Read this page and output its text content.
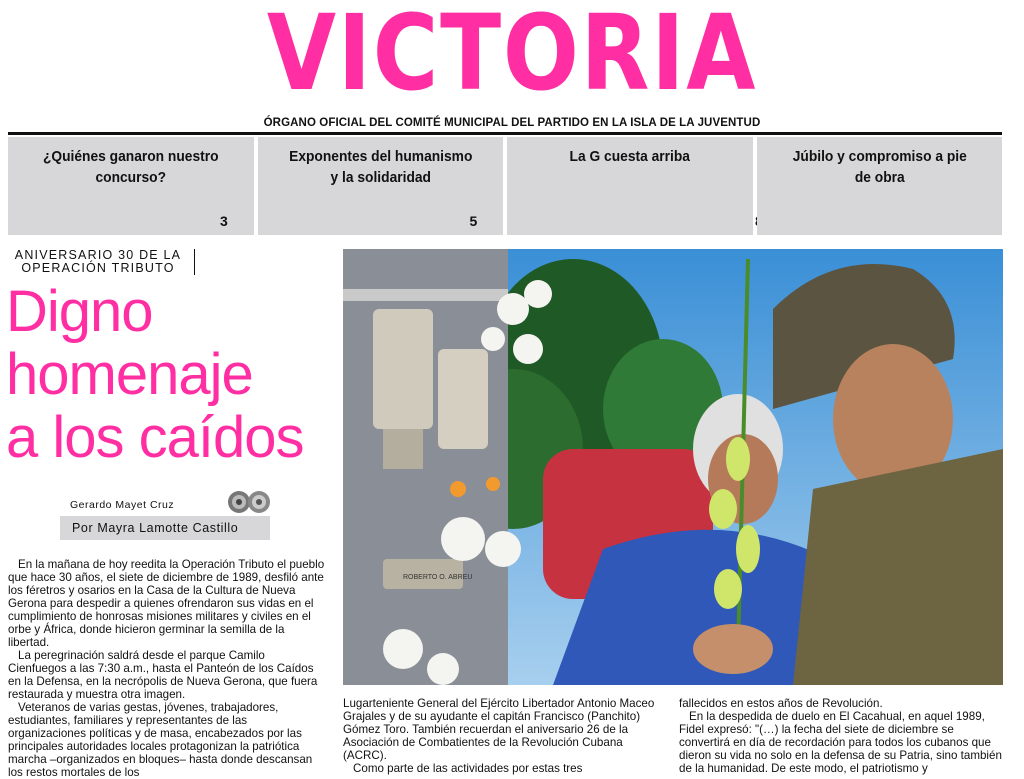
VICTORIA
ÓRGANO OFICIAL DEL COMITÉ MUNICIPAL DEL PARTIDO EN LA ISLA DE LA JUVENTUD
¿Quiénes ganaron nuestro concurso?
3
Exponentes del humanismo y la solidaridad
5
La G cuesta arriba	Júbilo y compromiso a pie de obra
ANIVERSARIO 30 DE LA OPERACIÓN TRIBUTO
Digno
homenaje
a los caídos
Gerardo Mayet Cruz
Por Mayra Lamotte Castillo

En la mañana de hoy reedita la Operación Tributo el pueblo que hace 30 años, el siete de diciembre de 1989, desfiló ante los féretros y osarios en la Casa de la Cultura de Nueva Gerona para despedir a quienes ofrendaron sus vidas en el cumplimiento de honrosas misiones militares y civiles en el orbe y África, donde hicieron germinar la semilla de la libertad.

La peregrinación saldrá desde el parque Camilo Cienfuegos a las 7:30 a.m., hasta el Panteón de los Caídos en la Defensa, en la necrópolis de Nueva Gerona, que fuera restaurada y muestra otra imagen.

Veteranos de varias gestas, jóvenes, trabajadores, estudiantes, familiares y representantes de las organizaciones políticas y de masa, encabezados por las principales autoridades locales protagonizan la patriótica marcha –organizados en bloques– hasta donde descansan los restos mortales de los

ROBERTO O. ABREU

Lugarteniente General del Ejército Libertador Antonio Maceo Grajales y de su ayudante el capitán Francisco (Panchito) Gómez Toro. También recuerdan el aniversario 26 de la Asociación de Combatientes de la Revolución Cubana (ACRC).

Como parte de las actividades por estas tres

fallecidos en estos años de Revolución.

En la despedida de duelo en El Cacahual, en aquel 1989, Fidel expresó: "(…) la fecha del siete de diciembre se convertirá en día de recordación para todos los cubanos que dieron su vida no solo en la defensa de su Patria, sino también de la humanidad. De este modo, el patriotismo y
